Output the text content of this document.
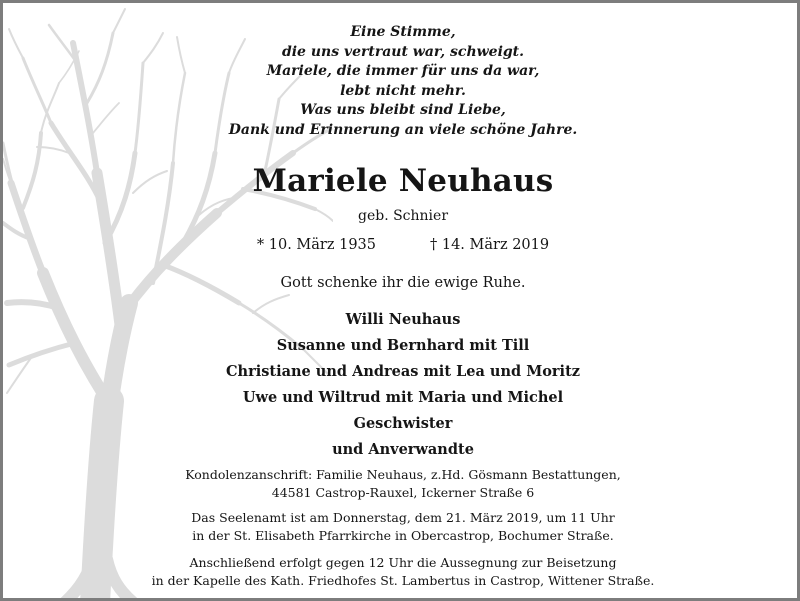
Eine Stimme,
die uns vertraut war, schweigt.
Mariele, die immer für uns da war,
lebt nicht mehr.
Was uns bleibt sind Liebe,
Dank und Erinnerung an viele schöne Jahre.
Mariele Neuhaus
geb. Schnier
* 10. März 1935	† 14. März 2019
Gott schenke ihr die ewige Ruhe.
Willi Neuhaus
Susanne und Bernhard mit Till
Christiane und Andreas mit Lea und Moritz
Uwe und Wiltrud mit Maria und Michel
Geschwister
und Anverwandte
Kondolenzanschrift: Familie Neuhaus, z.Hd. Gösmann Bestattungen,
44581 Castrop-Rauxel, Ickerner Straße 6
Das Seelenamt ist am Donnerstag, dem 21. März 2019, um 11 Uhr
in der St. Elisabeth Pfarrkirche in Obercastrop, Bochumer Straße.
Anschließend erfolgt gegen 12 Uhr die Aussegnung zur Beisetzung
in der Kapelle des Kath. Friedhofes St. Lambertus in Castrop, Wittener Straße.
